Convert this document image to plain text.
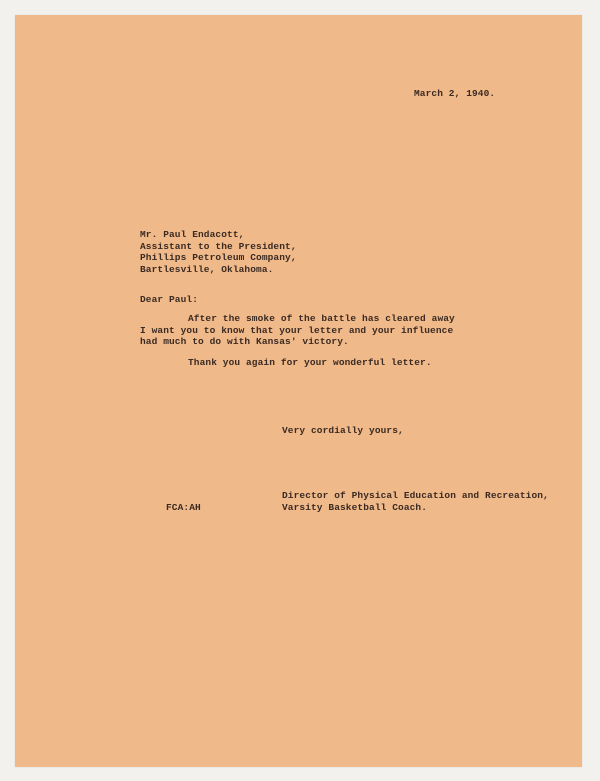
March 2, 1940.

Mr. Paul Endacott,
Assistant to the President,
Phillips Petroleum Company,
Bartlesville, Oklahoma.

Dear Paul:

After the smoke of the battle has cleared away
I want you to know that your letter and your influence
had much to do with Kansas' victory.
Thank you again for your wonderful letter.

Very cordially yours,

Director of Physical Education and Recreation,
Varsity Basketball Coach.

FCA:AH
